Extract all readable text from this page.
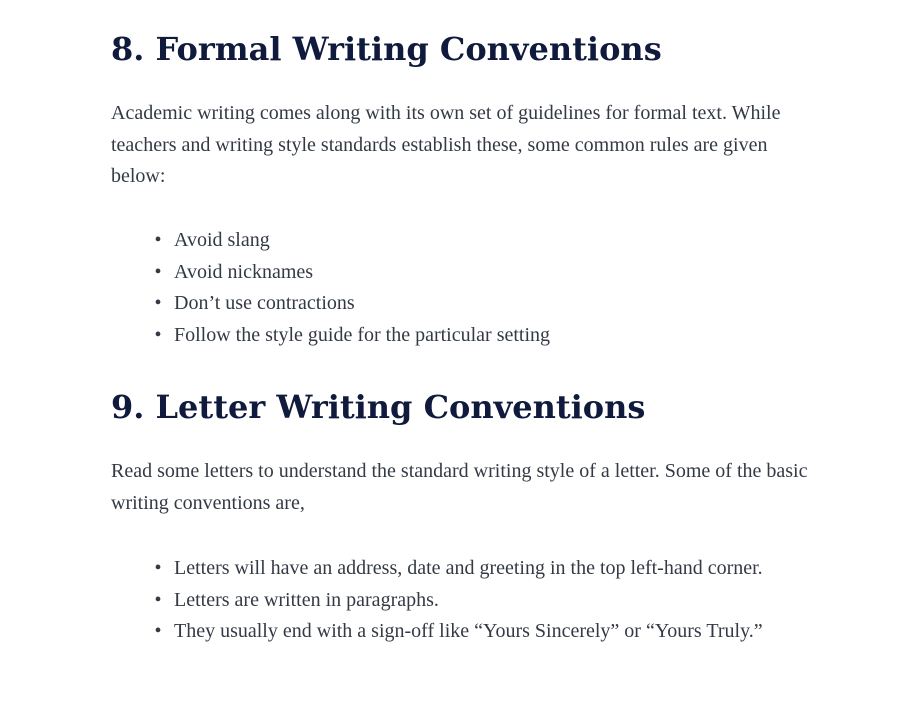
8. Formal Writing Conventions

Academic writing comes along with its own set of guidelines for formal text. While teachers and writing style standards establish these, some common rules are given below:

• Avoid slang
• Avoid nicknames
• Don’t use contractions
• Follow the style guide for the particular setting
9. Letter Writing Conventions

Read some letters to understand the standard writing style of a letter. Some of the basic writing conventions are,

• Letters will have an address, date and greeting in the top left-hand corner.
• Letters are written in paragraphs.
• They usually end with a sign-off like “Yours Sincerely” or “Yours Truly.”
